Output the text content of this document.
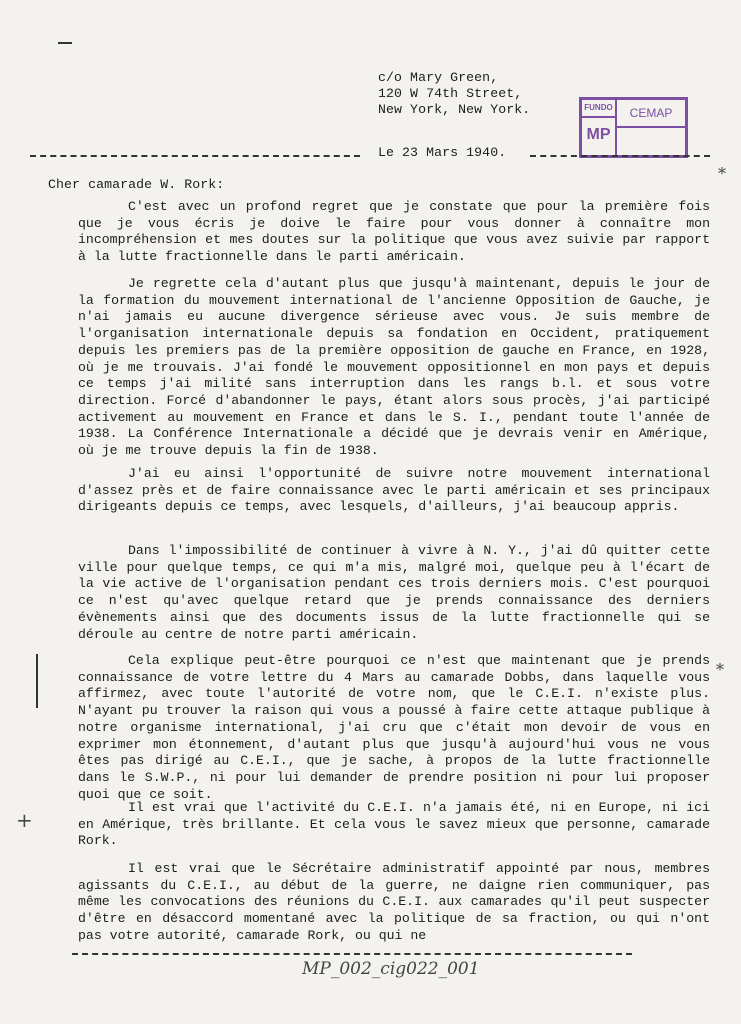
c/o Mary Green,
120 W 74th Street,
New York, New York.	FUNDO
MP
CEMAP
Le 23 Mars 1940.
*
Cher camarade W. Rork:
C'est avec un profond regret que je constate que pour la première fois que je vous écris je doive le faire pour vous donner à connaître mon incompréhension et mes doutes sur la politique que vous avez suivie par rapport à la lutte fractionnelle dans le parti américain.
Je regrette cela d'autant plus que jusqu'à maintenant, depuis le jour de la formation du mouvement international de l'ancienne Opposition de Gauche, je n'ai jamais eu aucune divergence sérieuse avec vous. Je suis membre de l'organisation internationale depuis sa fondation en Occident, pratiquement depuis les premiers pas de la première opposition de gauche en France, en 1928, où je me trouvais. J'ai fondé le mouvement oppositionnel en mon pays et depuis ce temps j'ai milité sans interruption dans les rangs b.l. et sous votre direction. Forcé d'abandonner le pays, étant alors sous procès, j'ai participé activement au mouvement en France et dans le S. I., pendant toute l'année de 1938. La Conférence Internationale a décidé que je devrais venir en Amérique, où je me trouve depuis la fin de 1938.
J'ai eu ainsi l'opportunité de suivre notre mouvement international d'assez près et de faire connaissance avec le parti américain et ses principaux dirigeants depuis ce temps, avec lesquels, d'ailleurs, j'ai beaucoup appris.
Dans l'impossibilité de continuer à vivre à N. Y., j'ai dû quitter cette ville pour quelque temps, ce qui m'a mis, malgré moi, quelque peu à l'écart de la vie active de l'organisation pendant ces trois derniers mois. C'est pourquoi ce n'est qu'avec quelque retard que je prends connaissance des derniers évènements ainsi que des documents issus de la lutte fractionnelle qui se déroule au centre de notre parti américain.
Cela explique peut-être pourquoi ce n'est que maintenant que je prends connaissance de votre lettre du 4 Mars au camarade Dobbs, dans laquelle vous affirmez, avec toute l'autorité de votre nom, que le C.E.I. n'existe plus. N'ayant pu trouver la raison qui vous a poussé à faire cette attaque publique à notre organisme international, j'ai cru que c'était mon devoir de vous en exprimer mon étonnement, d'autant plus que jusqu'à aujourd'hui vous ne vous êtes pas dirigé au C.E.I., que je sache, à propos de la lutte fractionnelle dans le S.W.P., ni pour lui demander de prendre position ni pour lui proposer quoi que ce soit.
*
+
Il est vrai que l'activité du C.E.I. n'a jamais été, ni en Europe, ni ici en Amérique, très brillante. Et cela vous le savez mieux que personne, camarade Rork.
Il est vrai que le Sécrétaire administratif appointé par nous, membres agissants du C.E.I., au début de la guerre, ne daigne rien communiquer, pas même les convocations des réunions du C.E.I. aux camarades qu'il peut suspecter d'être en désaccord momentané avec la politique de sa fraction, ou qui n'ont pas votre autorité, camarade Rork, ou qui ne
MP_002_cig022_001
